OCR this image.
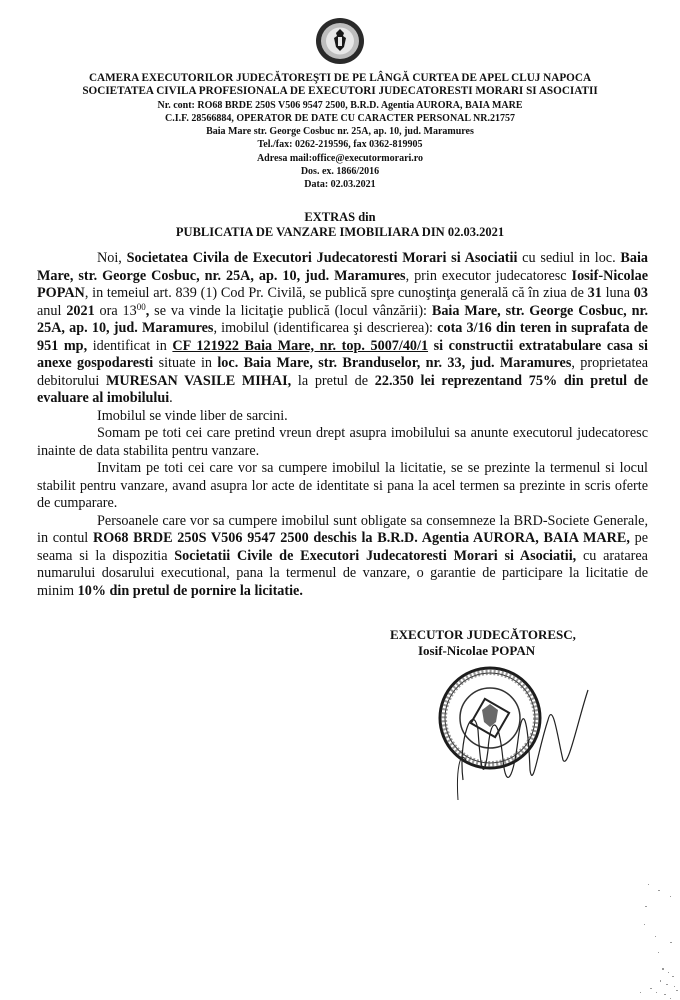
CAMERA EXECUTORILOR JUDECĂTOREŞTI DE PE LÂNGĂ CURTEA DE APEL CLUJ NAPOCA
SOCIETATEA CIVILA PROFESIONALA DE EXECUTORI JUDECATORESTI MORARI SI ASOCIATII
Nr. cont: RO68 BRDE 250S V506 9547 2500, B.R.D. Agentia AURORA, BAIA MARE
C.I.F. 28566884, OPERATOR DE DATE CU CARACTER PERSONAL NR.21757
Baia Mare str. George Cosbuc nr. 25A, ap. 10, jud. Maramures
Tel./fax: 0262-219596, fax 0362-819905
Adresa mail:office@executormorari.ro
Dos. ex. 1866/2016
Data: 02.03.2021
EXTRAS din
PUBLICATIA DE VANZARE IMOBILIARA DIN 02.03.2021

Noi, Societatea Civila de Executori Judecatoresti Morari si Asociatii cu sediul in loc. Baia Mare, str. George Cosbuc, nr. 25A, ap. 10, jud. Maramures, prin executor judecatoresc Iosif-Nicolae POPAN, in temeiul art. 839 (1) Cod Pr. Civilă, se publică spre cunoştinţa generală că în ziua de 31 luna 03 anul 2021 ora $13^{00}$, se va vinde la licitaţie publică (locul vânzării): Baia Mare, str. George Cosbuc, nr. 25A, ap. 10, jud. Maramures, imobilul (identificarea şi descrierea): cota 3/16 din teren in suprafata de 951 mp, identificat in CF 121922 Baia Mare, nr. top. 5007/40/1 si constructii extratabulare casa si anexe gospodaresti situate in loc. Baia Mare, str. Branduselor, nr. 33, jud. Maramures, proprietatea debitorului MURESAN VASILE MIHAI, la pretul de 22.350 lei reprezentand 75% din pretul de evaluare al imobilului.

Imobilul se vinde liber de sarcini.

Somam pe toti cei care pretind vreun drept asupra imobilului sa anunte executorul judecatoresc inainte de data stabilita pentru vanzare.

Invitam pe toti cei care vor sa cumpere imobilul la licitatie, se se prezinte la termenul si locul stabilit pentru vanzare, avand asupra lor acte de identitate si pana la acel termen sa prezinte in scris oferte de cumparare.

Persoanele care vor sa cumpere imobilul sunt obligate sa consemneze la BRD-Societe Generale, in contul RO68 BRDE 250S V506 9547 2500 deschis la B.R.D. Agentia AURORA, BAIA MARE, pe seama si la dispozitia Societatii Civile de Executori Judecatoresti Morari si Asociatii, cu aratarea numarului dosarului executional, pana la termenul de vanzare, o garantie de participare la licitatie de minim 10% din pretul de pornire la licitatie.

EXECUTOR JUDECĂTORESC,
Iosif-Nicolae POPAN
